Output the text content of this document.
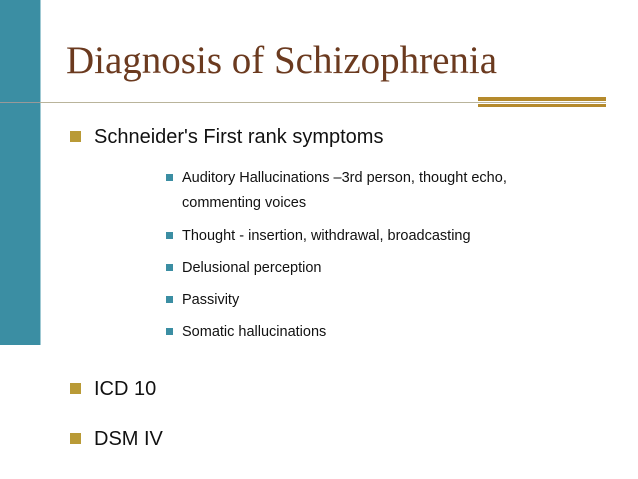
Diagnosis of Schizophrenia
Schneider's First rank symptoms
Auditory Hallucinations –3rd person, thought echo,
commenting voices
Thought - insertion, withdrawal, broadcasting
Delusional perception
Passivity
Somatic hallucinations
ICD 10
DSM IV
